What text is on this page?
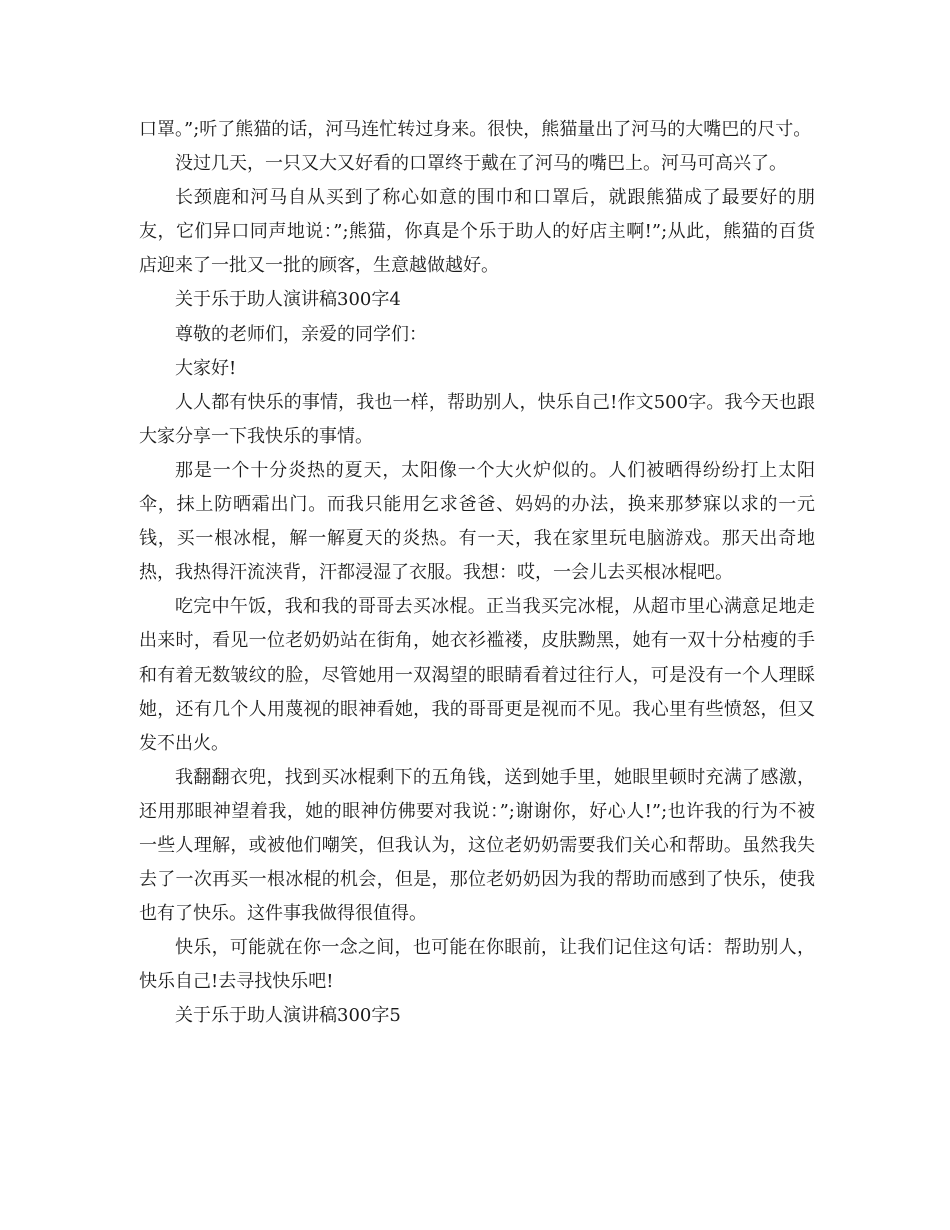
口罩。”;听了熊猫的话，河马连忙转过身来。很快，熊猫量出了河马的大嘴巴的尺寸。

没过几天，一只又大又好看的口罩终于戴在了河马的嘴巴上。河马可高兴了。

长颈鹿和河马自从买到了称心如意的围巾和口罩后，就跟熊猫成了最要好的朋友，它们异口同声地说：”;熊猫，你真是个乐于助人的好店主啊!”;从此，熊猫的百货店迎来了一批又一批的顾客，生意越做越好。

关于乐于助人演讲稿300字4

尊敬的老师们，亲爱的同学们：

大家好!

人人都有快乐的事情，我也一样，帮助别人，快乐自己!作文500字。我今天也跟大家分享一下我快乐的事情。

那是一个十分炎热的夏天，太阳像一个大火炉似的。人们被晒得纷纷打上太阳伞，抹上防晒霜出门。而我只能用乞求爸爸、妈妈的办法，换来那梦寐以求的一元钱，买一根冰棍，解一解夏天的炎热。有一天，我在家里玩电脑游戏。那天出奇地热，我热得汗流浃背，汗都浸湿了衣服。我想：哎，一会儿去买根冰棍吧。

吃完中午饭，我和我的哥哥去买冰棍。正当我买完冰棍，从超市里心满意足地走出来时，看见一位老奶奶站在街角，她衣衫褴褛，皮肤黝黑，她有一双十分枯瘦的手和有着无数皱纹的脸，尽管她用一双渴望的眼睛看着过往行人，可是没有一个人理睬她，还有几个人用蔑视的眼神看她，我的哥哥更是视而不见。我心里有些愤怒，但又发不出火。

我翻翻衣兜，找到买冰棍剩下的五角钱，送到她手里，她眼里顿时充满了感激，还用那眼神望着我，她的眼神仿佛要对我说：”;谢谢你，好心人!”;也许我的行为不被一些人理解，或被他们嘲笑，但我认为，这位老奶奶需要我们关心和帮助。虽然我失去了一次再买一根冰棍的机会，但是，那位老奶奶因为我的帮助而感到了快乐，使我也有了快乐。这件事我做得很值得。

快乐，可能就在你一念之间，也可能在你眼前，让我们记住这句话：帮助别人，快乐自己!去寻找快乐吧!

关于乐于助人演讲稿300字5
